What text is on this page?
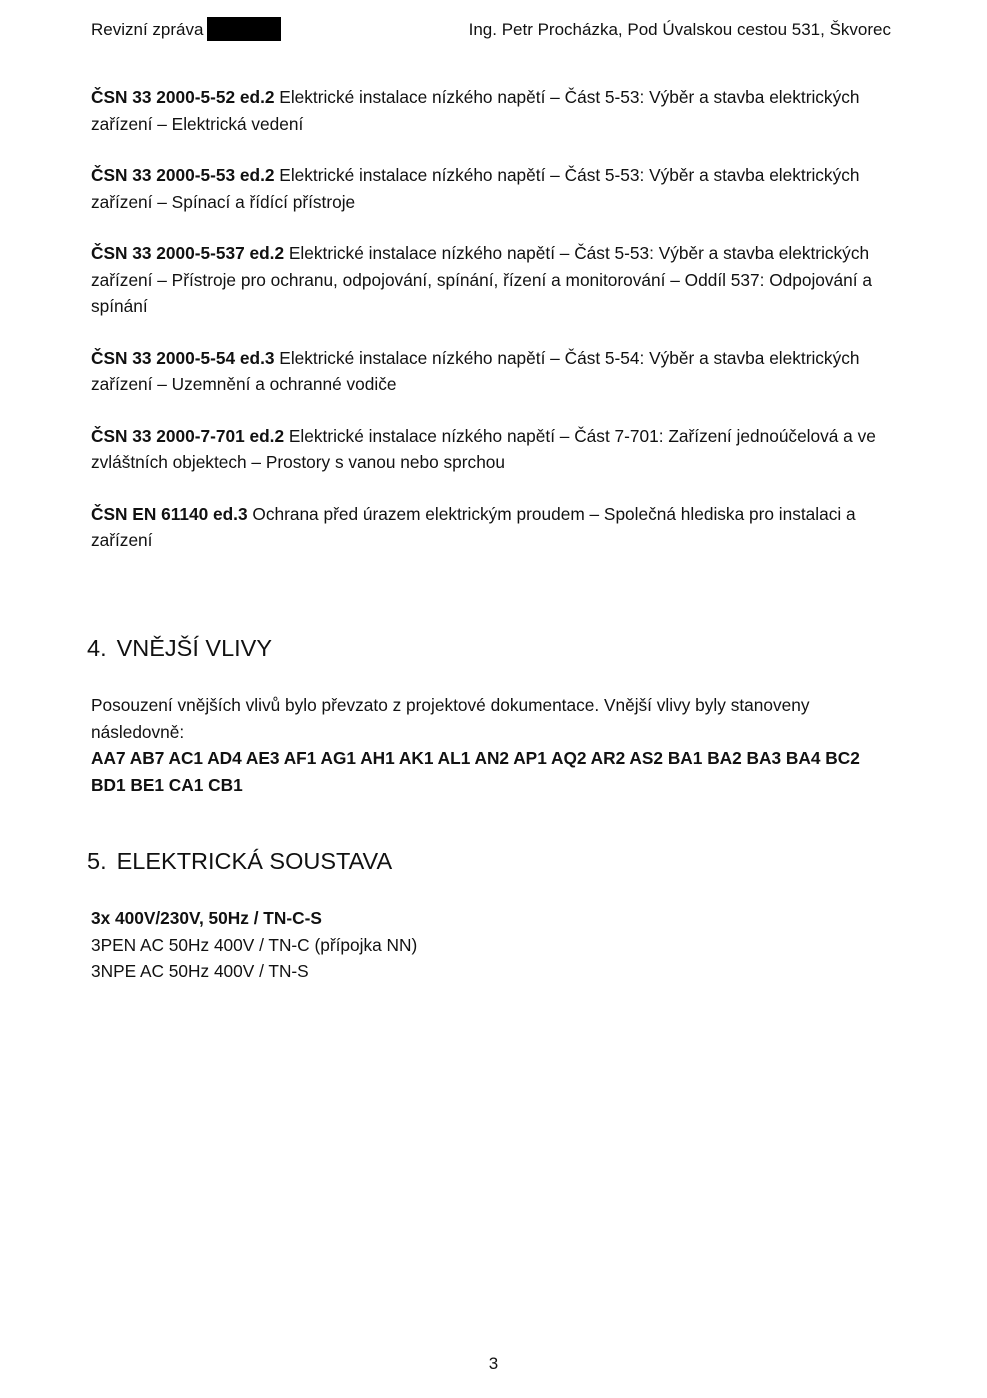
Revizní zpráva	Ing. Petr Procházka, Pod Úvalskou cestou 531, Škvorec

ČSN 33 2000-5-52 ed.2 Elektrické instalace nízkého napětí – Část 5-53: Výběr a stavba elektrických zařízení – Elektrická vedení

ČSN 33 2000-5-53 ed.2 Elektrické instalace nízkého napětí – Část 5-53: Výběr a stavba elektrických zařízení – Spínací a řídící přístroje

ČSN 33 2000-5-537 ed.2 Elektrické instalace nízkého napětí – Část 5-53: Výběr a stavba elektrických zařízení – Přístroje pro ochranu, odpojování, spínání, řízení a monitorování – Oddíl 537: Odpojování a spínání

ČSN 33 2000-5-54 ed.3 Elektrické instalace nízkého napětí – Část 5-54: Výběr a stavba elektrických zařízení – Uzemnění a ochranné vodiče

ČSN 33 2000-7-701 ed.2 Elektrické instalace nízkého napětí – Část 7-701: Zařízení jednoúčelová a ve zvláštních objektech – Prostory s vanou nebo sprchou

ČSN EN 61140 ed.3 Ochrana před úrazem elektrickým proudem – Společná hlediska pro instalaci a zařízení

4. VNĚJŠÍ VLIVY

Posouzení vnějších vlivů bylo převzato z projektové dokumentace. Vnější vlivy byly stanoveny následovně:

AA7 AB7 AC1 AD4 AE3 AF1 AG1 AH1 AK1 AL1 AN2 AP1 AQ2 AR2 AS2 BA1 BA2 BA3 BA4 BC2 BD1 BE1 CA1 CB1

5. ELEKTRICKÁ SOUSTAVA

3x 400V/230V, 50Hz / TN-C-S

3PEN AC 50Hz 400V / TN-C (přípojka NN)

3NPE AC 50Hz 400V / TN-S

3
